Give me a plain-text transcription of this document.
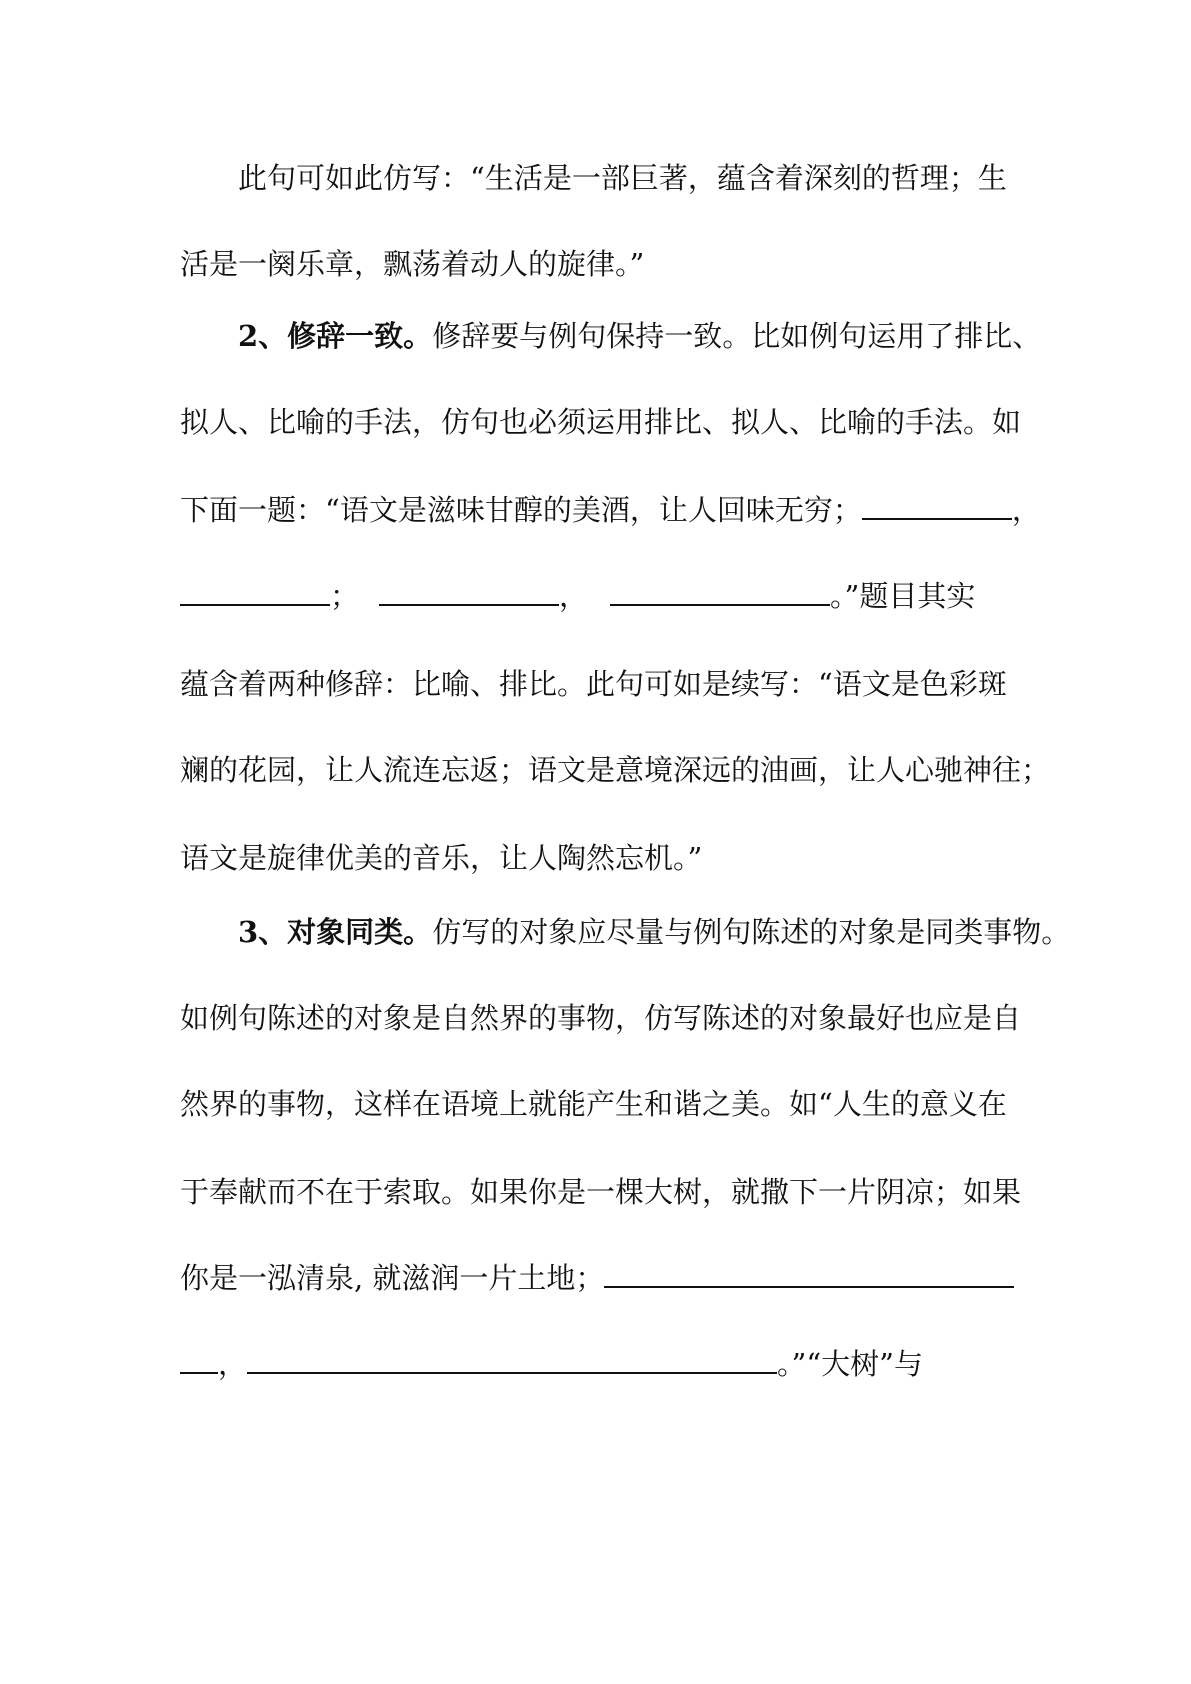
此句可如此仿写：“生活是一部巨著，蕴含着深刻的哲理；生
活是一阕乐章，飘荡着动人的旋律。”
2、修辞一致。修辞要与例句保持一致。比如例句运用了排比、
拟人、比喻的手法，仿句也必须运用排比、拟人、比喻的手法。如
下面一题：“语文是滋味甘醇的美酒，让人回味无穷；	，
；	，	。”题目其实
蕴含着两种修辞：比喻、排比。此句可如是续写：“语文是色彩斑
斓的花园，让人流连忘返；语文是意境深远的油画，让人心驰神往；
语文是旋律优美的音乐，让人陶然忘机。”
3、对象同类。仿写的对象应尽量与例句陈述的对象是同类事物。
如例句陈述的对象是自然界的事物，仿写陈述的对象最好也应是自
然界的事物，这样在语境上就能产生和谐之美。如“人生的意义在
于奉献而不在于索取。如果你是一棵大树，就撒下一片阴凉；如果
你是一泓清泉, 就滋润一片土地；
，	。”“大树”与
